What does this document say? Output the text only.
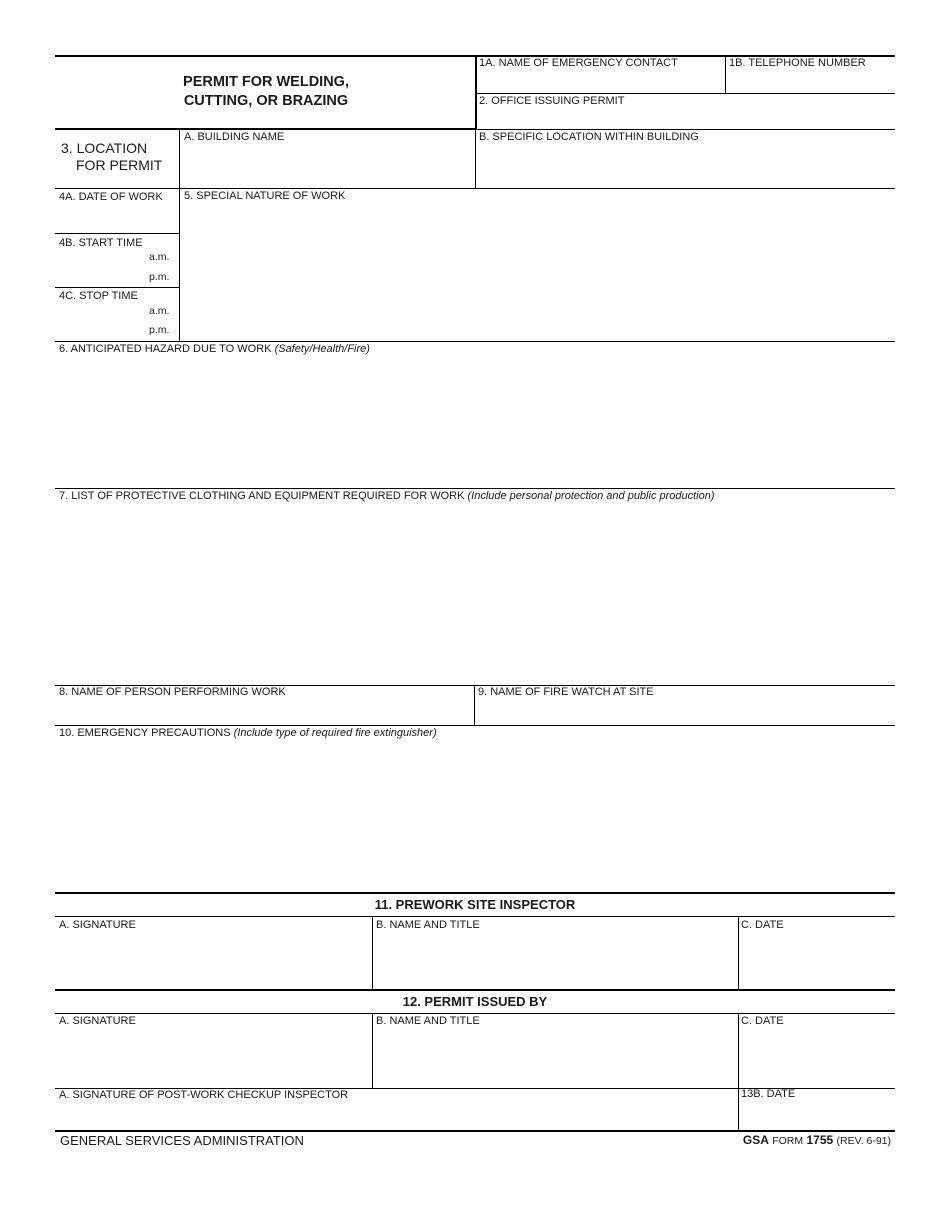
PERMIT FOR WELDING,
CUTTING, OR BRAZING
1A. NAME OF EMERGENCY CONTACT	1B. TELEPHONE NUMBER
2. OFFICE ISSUING PERMIT
3. LOCATION
FOR PERMIT
A. BUILDING NAME	B. SPECIFIC LOCATION WITHIN BUILDING
4A. DATE OF WORK
4B. START TIME
a.m.
p.m.
4C. STOP TIME
a.m.
p.m.
5. SPECIAL NATURE OF WORK
6. ANTICIPATED HAZARD DUE TO WORK (Safety/Health/Fire)
7. LIST OF PROTECTIVE CLOTHING AND EQUIPMENT REQUIRED FOR WORK (Include personal protection and public production)
8. NAME OF PERSON PERFORMING WORK	9. NAME OF FIRE WATCH AT SITE
10. EMERGENCY PRECAUTIONS (Include type of required fire extinguisher)
11. PREWORK SITE INSPECTOR
A. SIGNATURE	B. NAME AND TITLE	C. DATE
12. PERMIT ISSUED BY
A. SIGNATURE	B. NAME AND TITLE	C. DATE
A. SIGNATURE OF POST-WORK CHECKUP INSPECTOR	13B. DATE
GENERAL SERVICES ADMINISTRATION	GSA FORM 1755 (REV. 6-91)
